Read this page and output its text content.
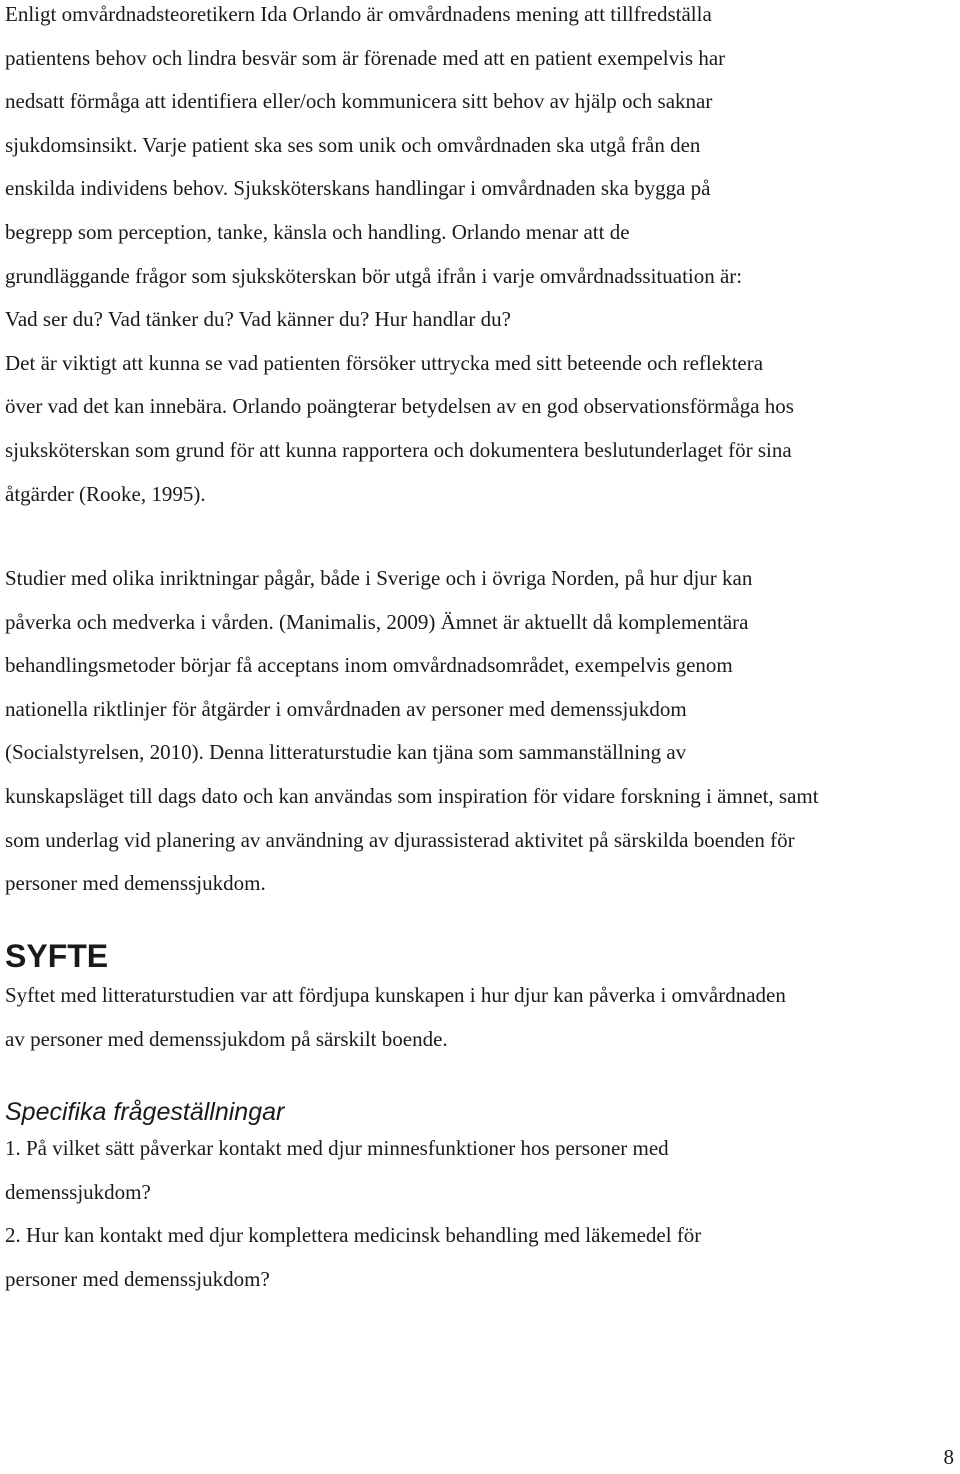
Enligt omvårdnadsteoretikern Ida Orlando är omvårdnadens mening att tillfredställa
patientens behov och lindra besvär som är förenade med att en patient exempelvis har
nedsatt förmåga att identifiera eller/och kommunicera sitt behov av hjälp och saknar
sjukdomsinsikt. Varje patient ska ses som unik och omvårdnaden ska utgå från den
enskilda individens behov. Sjuksköterskans handlingar i omvårdnaden ska bygga på
begrepp som perception, tanke, känsla och handling. Orlando menar att de
grundläggande frågor som sjuksköterskan bör utgå ifrån i varje omvårdnadssituation är:
Vad ser du? Vad tänker du? Vad känner du? Hur handlar du?
Det är viktigt att kunna se vad patienten försöker uttrycka med sitt beteende och reflektera
över vad det kan innebära. Orlando poängterar betydelsen av en god observationsförmåga hos
sjuksköterskan som grund för att kunna rapportera och dokumentera beslutunderlaget för sina
åtgärder (Rooke, 1995).

Studier med olika inriktningar pågår, både i Sverige och i övriga Norden, på hur djur kan
påverka och medverka i vården. (Manimalis, 2009) Ämnet är aktuellt då komplementära
behandlingsmetoder börjar få acceptans inom omvårdnadsområdet, exempelvis genom
nationella riktlinjer för åtgärder i omvårdnaden av personer med demenssjukdom
(Socialstyrelsen, 2010). Denna litteraturstudie kan tjäna som sammanställning av
kunskapsläget till dags dato och kan användas som inspiration för vidare forskning i ämnet, samt
som underlag vid planering av användning av djurassisterad aktivitet på särskilda boenden för
personer med demenssjukdom.

SYFTE

Syftet med litteraturstudien var att fördjupa kunskapen i hur djur kan påverka i omvårdnaden
av personer med demenssjukdom på särskilt boende.

Specifika frågeställningar

1. På vilket sätt påverkar kontakt med djur minnesfunktioner hos personer med
demenssjukdom?
2. Hur kan kontakt med djur komplettera medicinsk behandling med läkemedel för
personer med demenssjukdom?

8
